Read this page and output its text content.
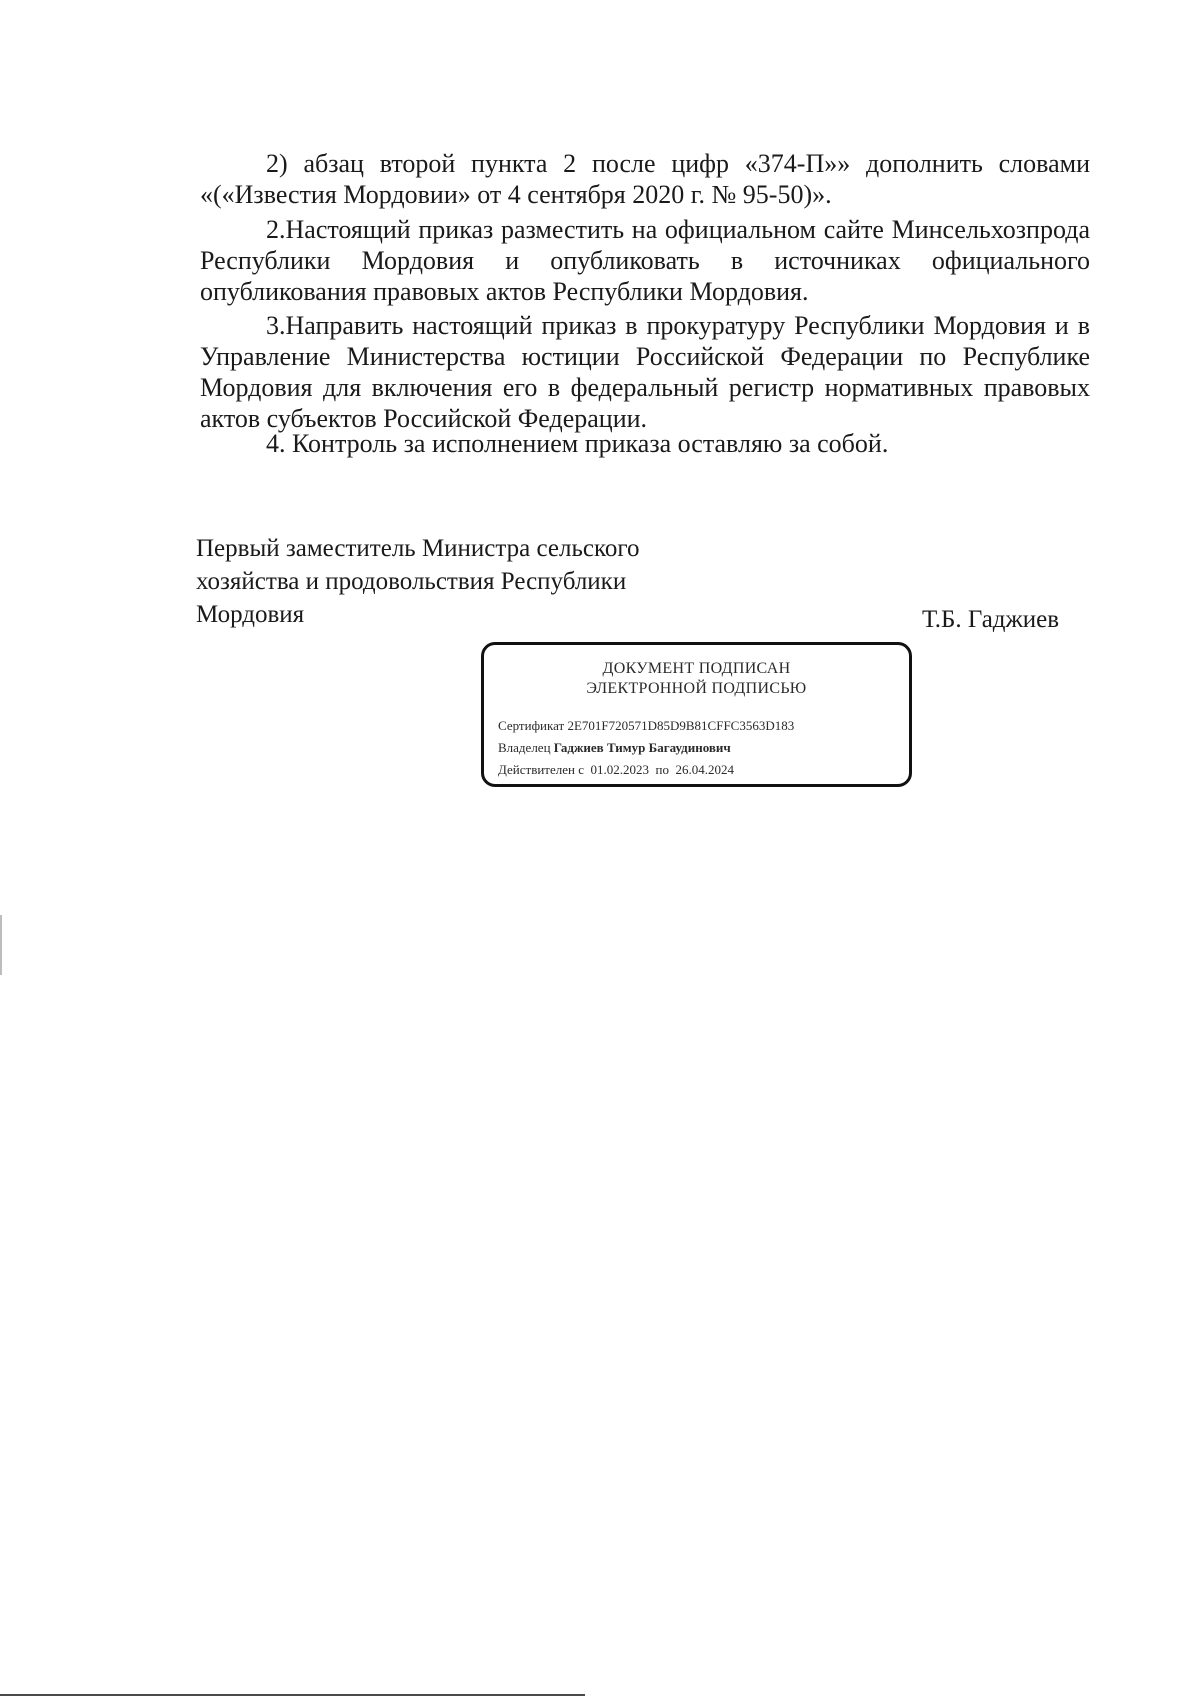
2) абзац второй пункта 2 после цифр «374-П»» дополнить словами «(«Известия Мордовии» от 4 сентября 2020 г. № 95-50)».

2.Настоящий приказ разместить на официальном сайте Минсельхозпрода Республики Мордовия и опубликовать в источниках официального опубликования правовых актов Республики Мордовия.

3.Направить настоящий приказ в прокуратуру Республики Мордовия и в Управление Министерства юстиции Российской Федерации по Республике Мордовия для включения его в федеральный регистр нормативных правовых актов субъектов Российской Федерации.

4. Контроль за исполнением приказа оставляю за собой.

Первый заместитель Министра сельского
хозяйства и продовольствия Республики
Мордовия	Т.Б. Гаджиев
ДОКУМЕНТ ПОДПИСАН
ЭЛЕКТРОННОЙ ПОДПИСЬЮ
Сертификат 2E701F720571D85D9B81CFFC3563D183
Владелец Гаджиев Тимур Багаудинович
Действителен с 01.02.2023 по 26.04.2024
